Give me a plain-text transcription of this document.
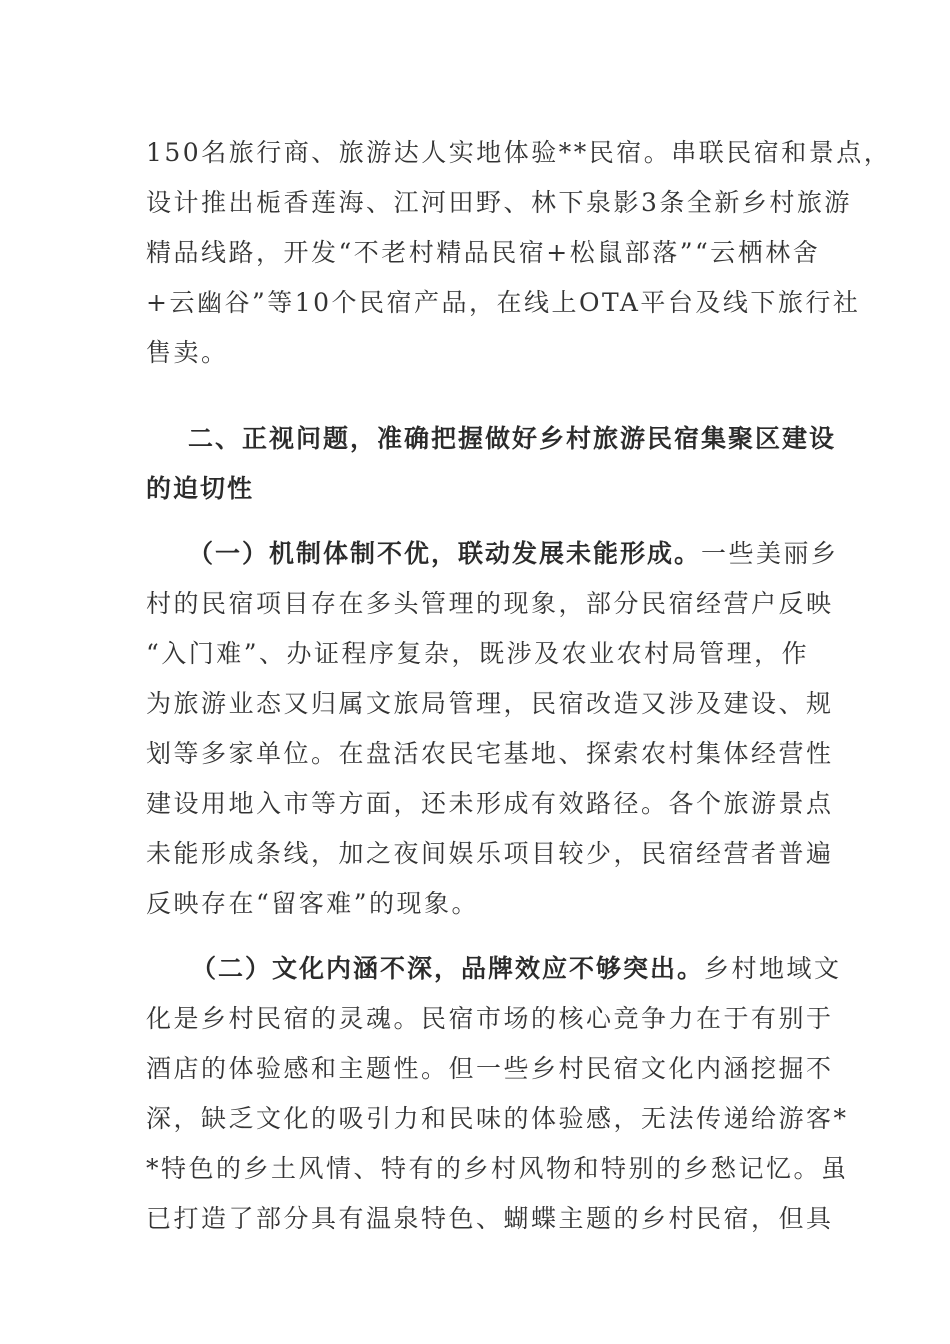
150名旅行商、旅游达人实地体验**民宿。串联民宿和景点，
设计推出栀香莲海、江河田野、林下泉影3条全新乡村旅游
精品线路，开发“不老村精品民宿+松鼠部落”“云栖林舍
+云幽谷”等10个民宿产品，在线上OTA平台及线下旅行社
售卖。
二、正视问题，准确把握做好乡村旅游民宿集聚区建设
的迫切性
（一）机制体制不优，联动发展未能形成。一些美丽乡
村的民宿项目存在多头管理的现象，部分民宿经营户反映
“入门难”、办证程序复杂，既涉及农业农村局管理，作
为旅游业态又归属文旅局管理，民宿改造又涉及建设、规
划等多家单位。在盘活农民宅基地、探索农村集体经营性
建设用地入市等方面，还未形成有效路径。各个旅游景点
未能形成条线，加之夜间娱乐项目较少，民宿经营者普遍
反映存在“留客难”的现象。
（二）文化内涵不深，品牌效应不够突出。乡村地域文
化是乡村民宿的灵魂。民宿市场的核心竞争力在于有别于
酒店的体验感和主题性。但一些乡村民宿文化内涵挖掘不
深，缺乏文化的吸引力和民味的体验感，无法传递给游客*
*特色的乡土风情、特有的乡村风物和特别的乡愁记忆。虽
已打造了部分具有温泉特色、蝴蝶主题的乡村民宿，但具
